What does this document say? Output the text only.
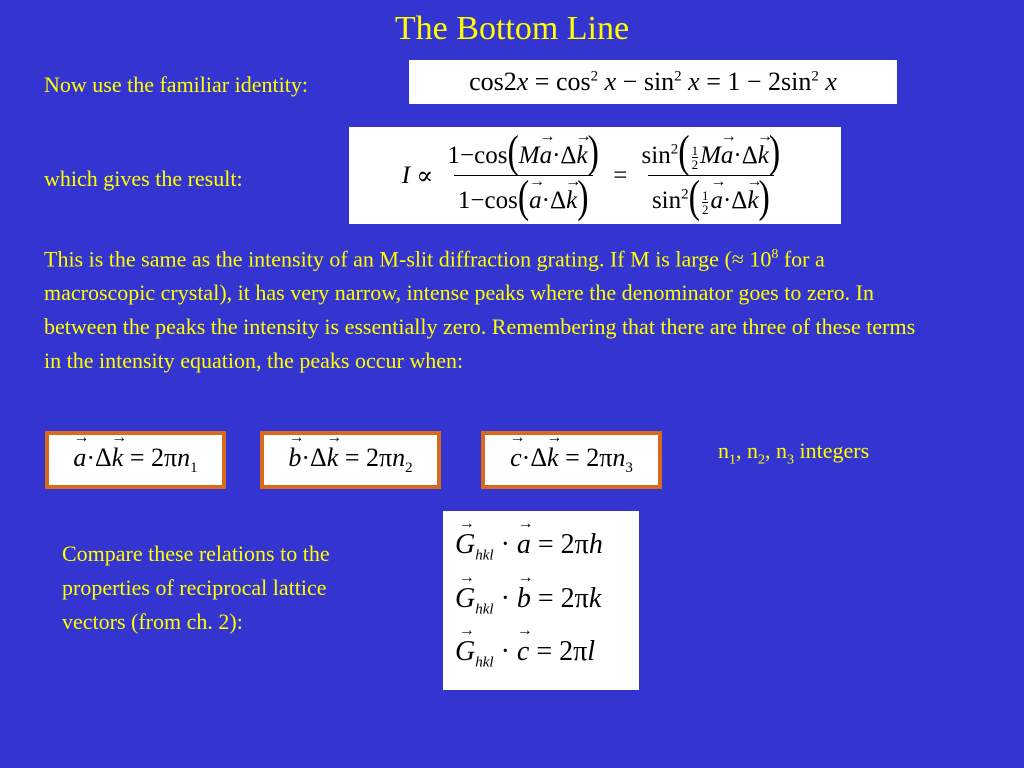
The Bottom Line
Now use the familiar identity:	$\cos 2x = \cos^2 x - \sin^2 x = 1 - 2\sin^2$ x
which gives the result:	$I \propto \frac{1-\cos(M\to a\cdot\Delta\to k)}{1-\cos(\to a\cdot\Delta\to k)} = \sin^2( \frac{1}{2} M\to a\cdot\Delta\to k)$
$\sin^2( \frac{1}{2}$
→ a·Δ→ k)
This is the same as the intensity of an M-slit diffraction grating. If M is large (≈ $10^8$ for a macroscopic crystal), it has very narrow, intense peaks where the denominator goes to zero. In between the peaks the intensity is essentially zero. Remembering that there are three of these terms in the intensity equation, the peaks occur when:
→ $a\cdot\Delta\to k = 2\pi n_1$
→	$b\cdot\Delta\to k = 2\pi n_2$
→	$c\cdot\Delta\to k = 2\pi n_3$
$n_1$, $n_2$, $n_3$ integers
Compare these relations to the properties of reciprocal lattice vectors (from ch. 2):
→ $G_{hkl}$ · → a = 2πh
→ $G_{hkl}$ · → b = 2πk
→ $G_{hkl}$ · → c = 2πl
